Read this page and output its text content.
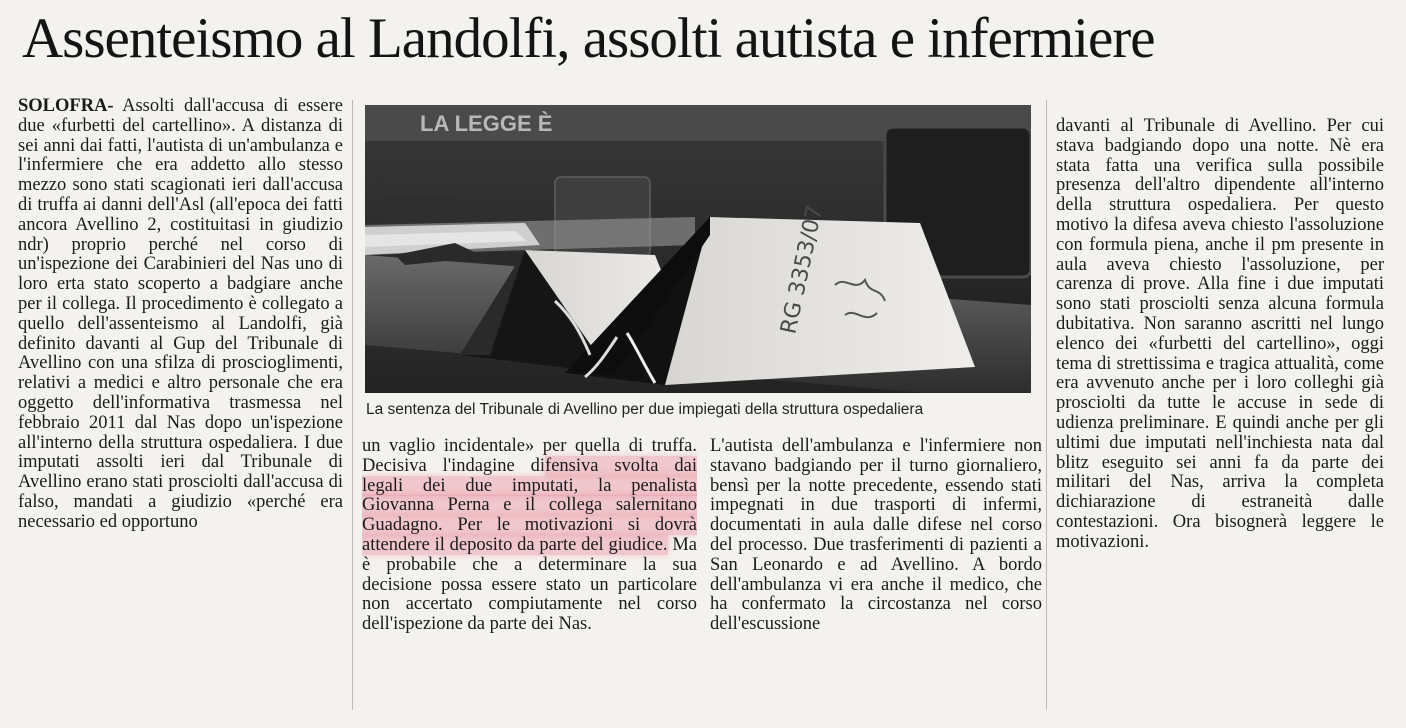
Assenteismo al Landolfi, assolti autista e infermiere

SOLOFRA- Assolti dall'accusa di essere due «furbetti del cartellino». A distanza di sei anni dai fatti, l'autista di un'ambulanza e l'infermiere che era addetto allo stesso mezzo sono stati scagionati ieri dall'accusa di truffa ai danni dell'Asl (all'epoca dei fatti ancora Avellino 2, costituitasi in giudizio ndr) proprio perché nel corso di un'ispezione dei Carabinieri del Nas uno di loro erta stato scoperto a badgiare anche per il collega. Il procedimento è collegato a quello dell'assenteismo al Landolfi, già definito davanti al Gup del Tribunale di Avellino con una sfilza di proscioglimenti, relativi a medici e altro personale che era oggetto dell'informativa trasmessa nel febbraio 2011 dal Nas dopo un'ispezione all'interno della struttura ospedaliera. I due imputati assolti ieri dal Tribunale di Avellino erano stati prosciolti dall'accusa di falso, mandati a giudizio «perché era necessario ed opportuno

LA LEGGE È
RG 3353/07
La sentenza del Tribunale di Avellino per due impiegati della struttura ospedaliera

un vaglio incidentale» per quella di truffa. Decisiva l'indagine difensiva svolta dai legali dei due imputati, la penalista Giovanna Perna e il collega salernitano Guadagno. Per le motivazioni si dovrà attendere il deposito da parte del giudice. Ma è probabile che a determinare la sua decisione possa essere stato un particolare non accertato compiutamente nel corso dell'ispezione da parte dei Nas.

L'autista dell'ambulanza e l'infermiere non stavano badgiando per il turno giornaliero, bensì per la notte precedente, essendo stati impegnati in due trasporti di infermi, documentati in aula dalle difese nel corso del processo. Due trasferimenti di pazienti a San Leonardo e ad Avellino. A bordo dell'ambulanza vi era anche il medico, che ha confermato la circostanza nel corso dell'escussione

davanti al Tribunale di Avellino. Per cui stava badgiando dopo una notte. Nè era stata fatta una verifica sulla possibile presenza dell'altro dipendente all'interno della struttura ospedaliera. Per questo motivo la difesa aveva chiesto l'assoluzione con formula piena, anche il pm presente in aula aveva chiesto l'assoluzione, per carenza di prove. Alla fine i due imputati sono stati prosciolti senza alcuna formula dubitativa. Non saranno ascritti nel lungo elenco dei «furbetti del cartellino», oggi tema di strettissima e tragica attualità, come era avvenuto anche per i loro colleghi già prosciolti da tutte le accuse in sede di udienza preliminare. E quindi anche per gli ultimi due imputati nell'inchiesta nata dal blitz eseguito sei anni fa da parte dei militari del Nas, arriva la completa dichiarazione di estraneità dalle contestazioni. Ora bisognerà leggere le motivazioni.
